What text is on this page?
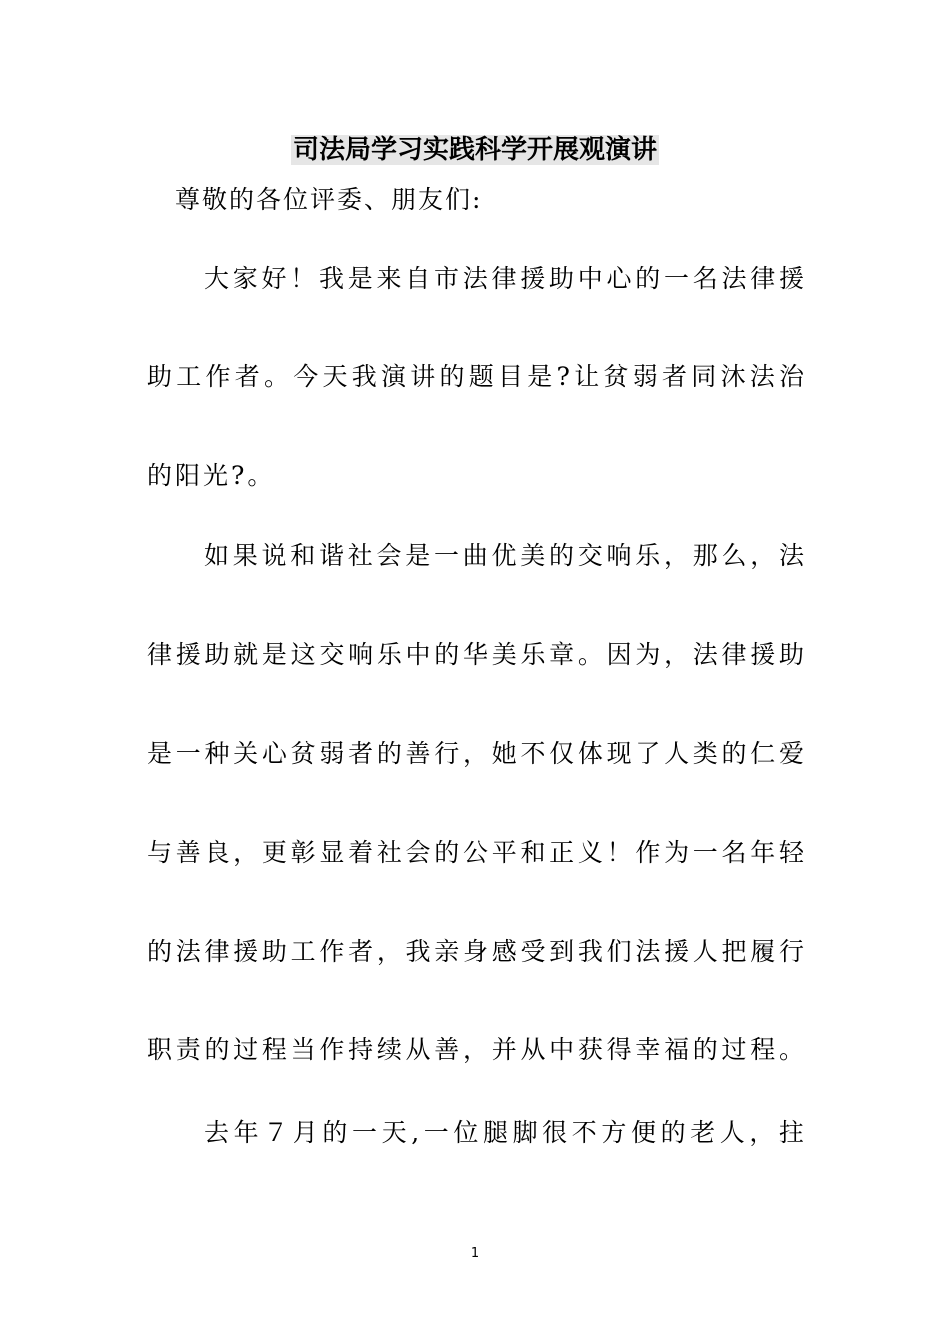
司法局学习实践科学开展观演讲
尊敬的各位评委、朋友们:
大家好！我是来自市法律援助中心的一名法律援
助工作者。今天我演讲的题目是?让贫弱者同沐法治
的阳光?。
如果说和谐社会是一曲优美的交响乐，那么，法
律援助就是这交响乐中的华美乐章。因为，法律援助
是一种关心贫弱者的善行，她不仅体现了人类的仁爱
与善良，更彰显着社会的公平和正义！作为一名年轻
的法律援助工作者，我亲身感受到我们法援人把履行
职责的过程当作持续从善，并从中获得幸福的过程。
去年７月的一天,一位腿脚很不方便的老人，拄
1
